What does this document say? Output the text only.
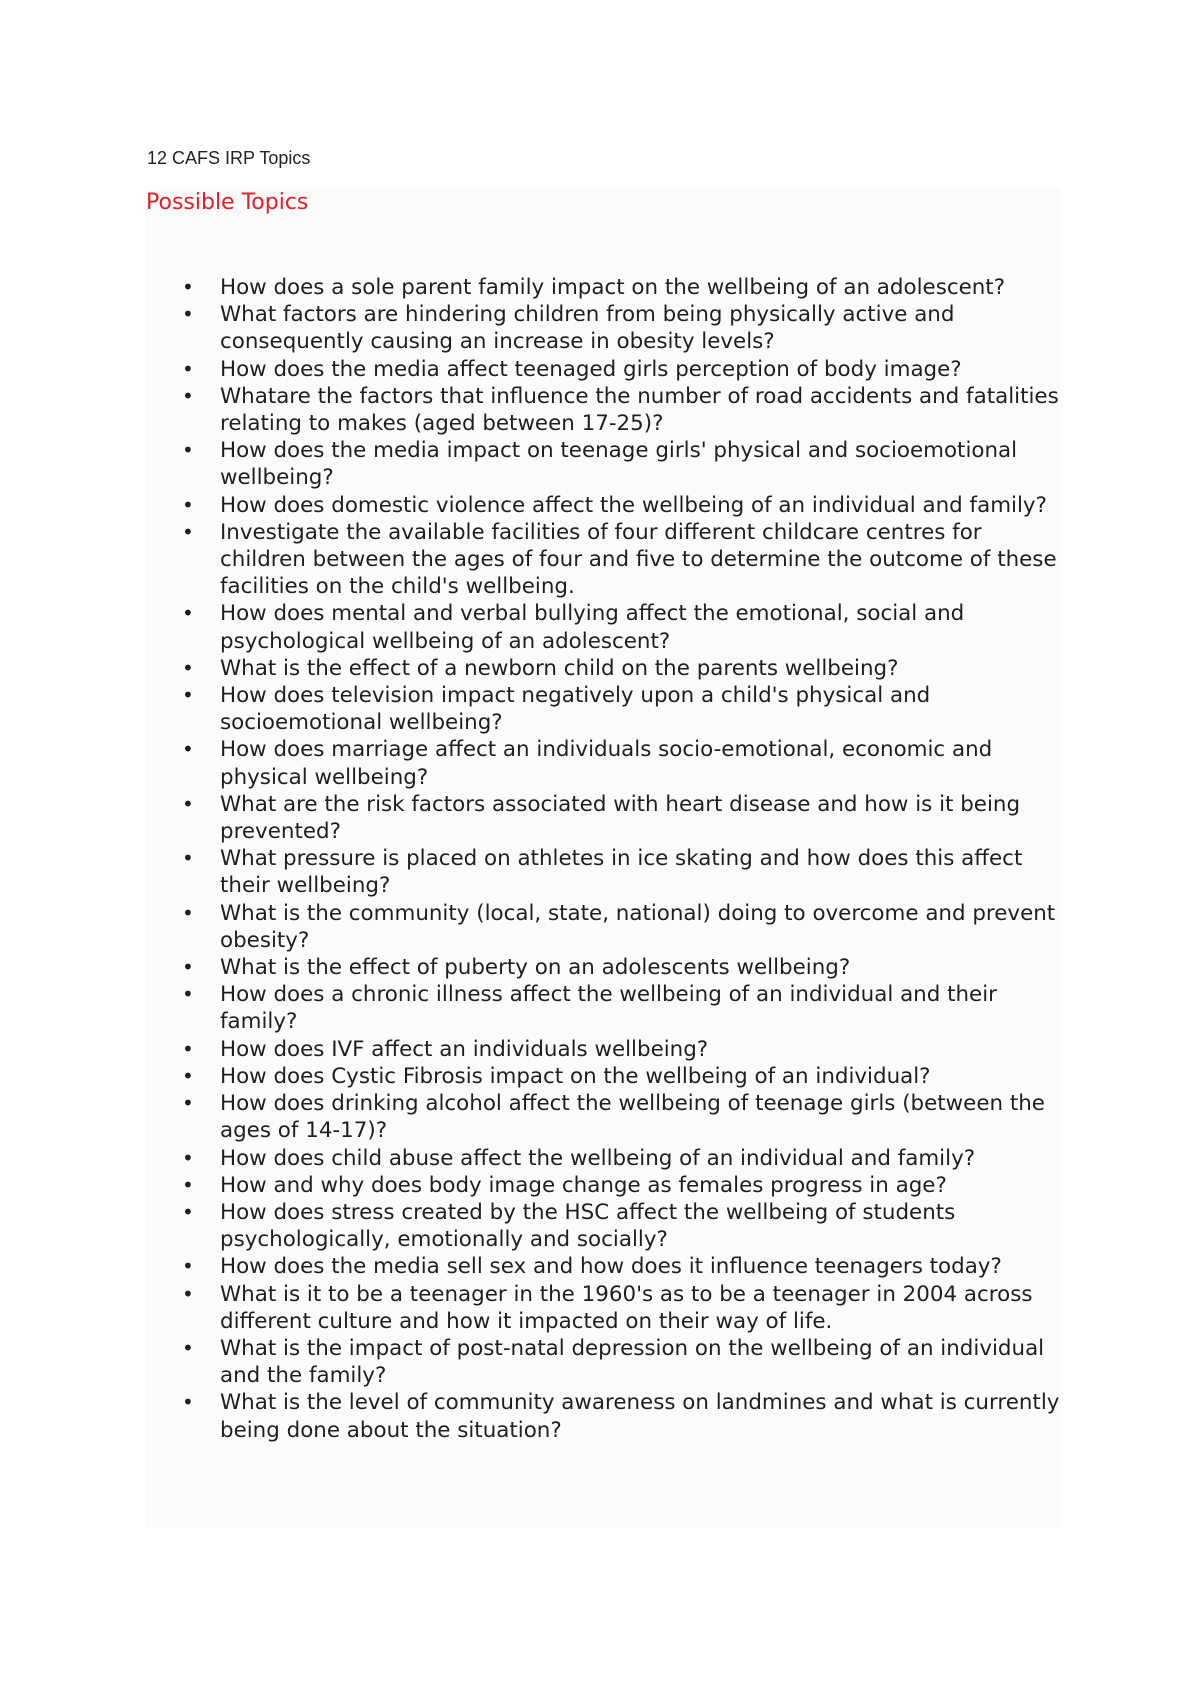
12 CAFS IRP Topics
Possible Topics
• How does a sole parent family impact on the wellbeing of an adolescent?
• What factors are hindering children from being physically active and consequently causing an increase in obesity levels?
• How does the media affect teenaged girls perception of body image?
• Whatare the factors that influence the number of road accidents and fatalities relating to makes (aged between 17-25)?
• How does the media impact on teenage girls' physical and socioemotional wellbeing?
• How does domestic violence affect the wellbeing of an individual and family?
• Investigate the available facilities of four different childcare centres for children between the ages of four and five to determine the outcome of these facilities on the child's wellbeing.
• How does mental and verbal bullying affect the emotional, social and psychological wellbeing of an adolescent?
• What is the effect of a newborn child on the parents wellbeing?
• How does television impact negatively upon a child's physical and socioemotional wellbeing?
• How does marriage affect an individuals socio-emotional, economic and physical wellbeing?
• What are the risk factors associated with heart disease and how is it being prevented?
• What pressure is placed on athletes in ice skating and how does this affect their wellbeing?
• What is the community (local, state, national) doing to overcome and prevent obesity?
• What is the effect of puberty on an adolescents wellbeing?
• How does a chronic illness affect the wellbeing of an individual and their family?
• How does IVF affect an individuals wellbeing?
• How does Cystic Fibrosis impact on the wellbeing of an individual?
• How does drinking alcohol affect the wellbeing of teenage girls (between the ages of 14-17)?
• How does child abuse affect the wellbeing of an individual and family?
• How and why does body image change as females progress in age?
• How does stress created by the HSC affect the wellbeing of students psychologically, emotionally and socially?
• How does the media sell sex and how does it influence teenagers today?
• What is it to be a teenager in the 1960's as to be a teenager in 2004 across different culture and how it impacted on their way of life.
• What is the impact of post-natal depression on the wellbeing of an individual and the family?
• What is the level of community awareness on landmines and what is currently being done about the situation?
